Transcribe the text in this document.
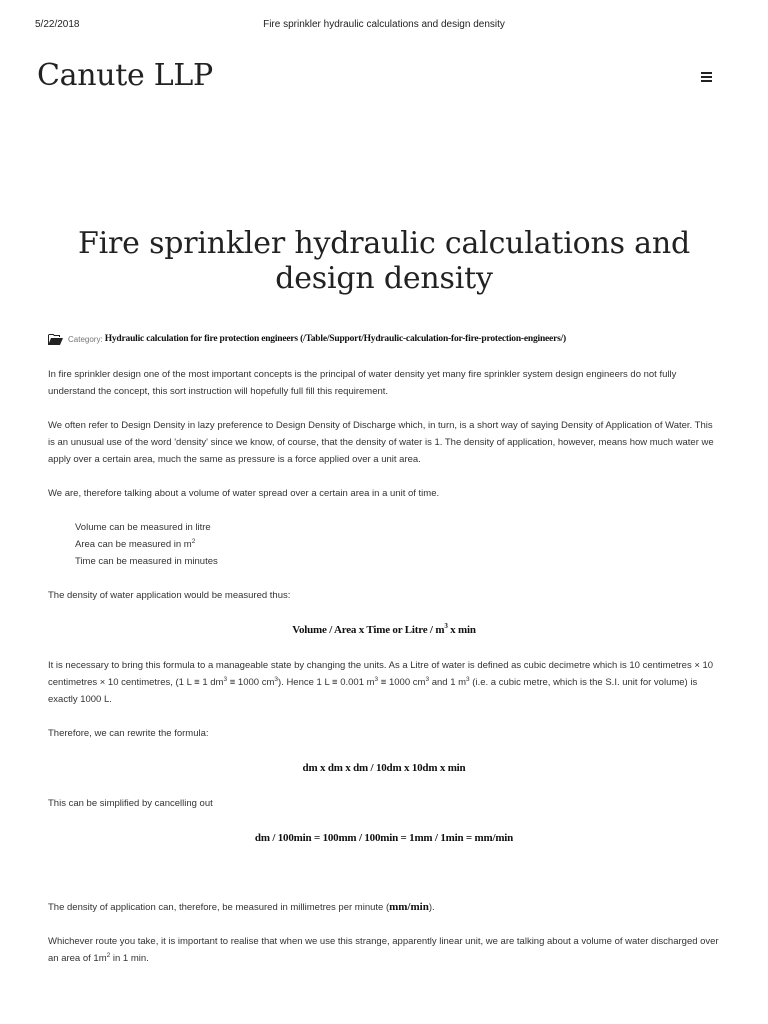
5/22/2018	Fire sprinkler hydraulic calculations and design density
Canute LLP
Fire sprinkler hydraulic calculations and design density
Category: Hydraulic calculation for fire protection engineers (/Table/Support/Hydraulic-calculation-for-fire-protection-engineers/)

In fire sprinkler design one of the most important concepts is the principal of water density yet many fire sprinkler system design engineers do not fully understand the concept, this sort instruction will hopefully full fill this requirement.

We often refer to Design Density in lazy preference to Design Density of Discharge which, in turn, is a short way of saying Density of Application of Water. This is an unusual use of the word 'density' since we know, of course, that the density of water is 1. The density of application, however, means how much water we apply over a certain area, much the same as pressure is a force applied over a unit area.

We are, therefore talking about a volume of water spread over a certain area in a unit of time.

Volume can be measured in litre
Area can be measured in $m^2$
Time can be measured in minutes

The density of water application would be measured thus:

Volume / Area x Time or Litre / $m^3$ x min

It is necessary to bring this formula to a manageable state by changing the units. As a Litre of water is defined as cubic decimetre which is 10 centimetres × 10 centimetres × 10 centimetres, (1 L ≡ 1 $dm^3 \equiv 1000$ $cm^3$). Hence 1 L ≡ 0.001 $m^3 \equiv 1000$ $cm^3$ and 1 $m^3$ (i.e. a cubic metre, which is the S.I. unit for volume) is exactly 1000 L.

Therefore, we can rewrite the formula:

dm x dm x dm / 10dm x 10dm x min

This can be simplified by cancelling out

dm / 100min = 100mm / 100min = 1mm / 1min = mm/min

The density of application can, therefore, be measured in millimetres per minute (mm/min).

Whichever route you take, it is important to realise that when we use this strange, apparently linear unit, we are talking about a volume of water discharged over an area of $1m^2$ in 1 min.
